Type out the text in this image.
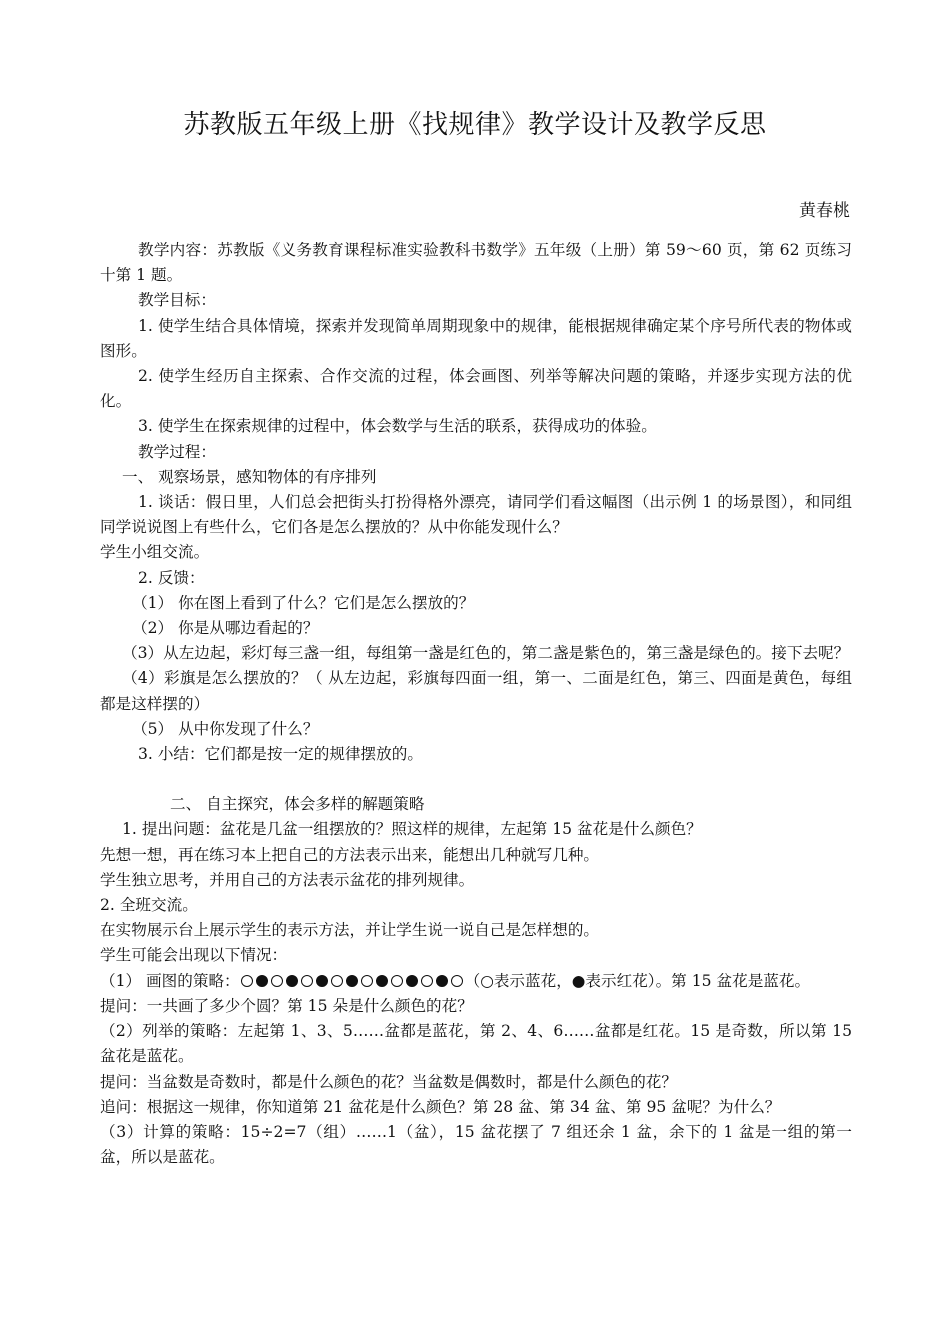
苏教版五年级上册《找规律》教学设计及教学反思
黄春桃

教学内容：苏教版《义务教育课程标准实验教科书数学》五年级（上册）第 59～60 页，第 62 页练习十第 1 题。

教学目标：

1. 使学生结合具体情境，探索并发现简单周期现象中的规律，能根据规律确定某个序号所代表的物体或图形。

2. 使学生经历自主探索、合作交流的过程，体会画图、列举等解决问题的策略，并逐步实现方法的优化。

3. 使学生在探索规律的过程中，体会数学与生活的联系，获得成功的体验。

教学过程：

一、 观察场景，感知物体的有序排列

1. 谈话：假日里，人们总会把街头打扮得格外漂亮，请同学们看这幅图（出示例 1 的场景图），和同组同学说说图上有些什么，它们各是怎么摆放的？从中你能发现什么？

学生小组交流。

2. 反馈：

（1） 你在图上看到了什么？它们是怎么摆放的？

（2） 你是从哪边看起的？

（3）从左边起，彩灯每三盏一组，每组第一盏是红色的，第二盏是紫色的，第三盏是绿色的。接下去呢？

（4）彩旗是怎么摆放的？（ 从左边起，彩旗每四面一组，第一、二面是红色，第三、四面是黄色，每组都是这样摆的）

（5） 从中你发现了什么？

3. 小结：它们都是按一定的规律摆放的。

二、 自主探究，体会多样的解题策略

1. 提出问题：盆花是几盆一组摆放的？照这样的规律，左起第 15 盆花是什么颜色？

先想一想，再在练习本上把自己的方法表示出来，能想出几种就写几种。

学生独立思考，并用自己的方法表示盆花的排列规律。

2. 全班交流。

在实物展示台上展示学生的表示方法，并让学生说一说自己是怎样想的。

学生可能会出现以下情况：

（1） 画图的策略：	（○表示蓝花，●表示红花）。第 15 盆花是蓝花。

提问：一共画了多少个圆？第 15 朵是什么颜色的花？

（2）列举的策略：左起第 1、3、5……盆都是蓝花，第 2、4、6……盆都是红花。15 是奇数，所以第 15 盆花是蓝花。

提问：当盆数是奇数时，都是什么颜色的花？当盆数是偶数时，都是什么颜色的花？

追问：根据这一规律，你知道第 21 盆花是什么颜色？第 28 盆、第 34 盆、第 95 盆呢？为什么？

（3）计算的策略：15÷2=7（组）……1（盆），15 盆花摆了 7 组还余 1 盆，余下的 1 盆是一组的第一盆，所以是蓝花。
